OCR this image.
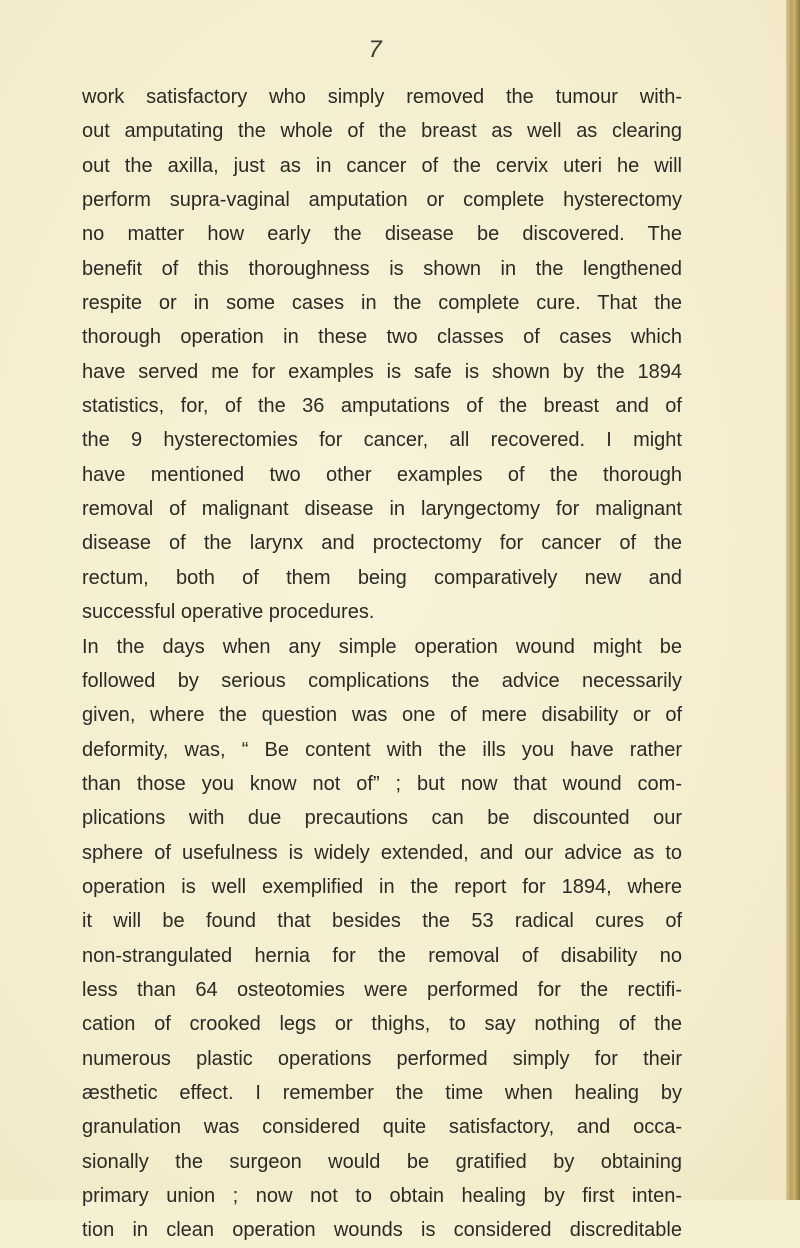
7
work satisfactory who simply removed the tumour with-
out amputating the whole of the breast as well as clearing
out the axilla, just as in cancer of the cervix uteri he will
perform supra-vaginal amputation or complete hysterectomy
no matter how early the disease be discovered. The
benefit of this thoroughness is shown in the lengthened
respite or in some cases in the complete cure. That the
thorough operation in these two classes of cases which
have served me for examples is safe is shown by the 1894
statistics, for, of the 36 amputations of the breast and of
the 9 hysterectomies for cancer, all recovered. I might
have mentioned two other examples of the thorough
removal of malignant disease in laryngectomy for malignant
disease of the larynx and proctectomy for cancer of the
rectum, both of them being comparatively new and
successful operative procedures.
In the days when any simple operation wound might be
followed by serious complications the advice necessarily
given, where the question was one of mere disability or of
deformity, was, “ Be content with the ills you have rather
than those you know not of” ; but now that wound com-
plications with due precautions can be discounted our
sphere of usefulness is widely extended, and our advice as to
operation is well exemplified in the report for 1894, where
it will be found that besides the 53 radical cures of
non-strangulated hernia for the removal of disability no
less than 64 osteotomies were performed for the rectifi-
cation of crooked legs or thighs, to say nothing of the
numerous plastic operations performed simply for their
æsthetic effect. I remember the time when healing by
granulation was considered quite satisfactory, and occa-
sionally the surgeon would be gratified by obtaining
primary union ; now not to obtain healing by first inten-
tion in clean operation wounds is considered discreditable
